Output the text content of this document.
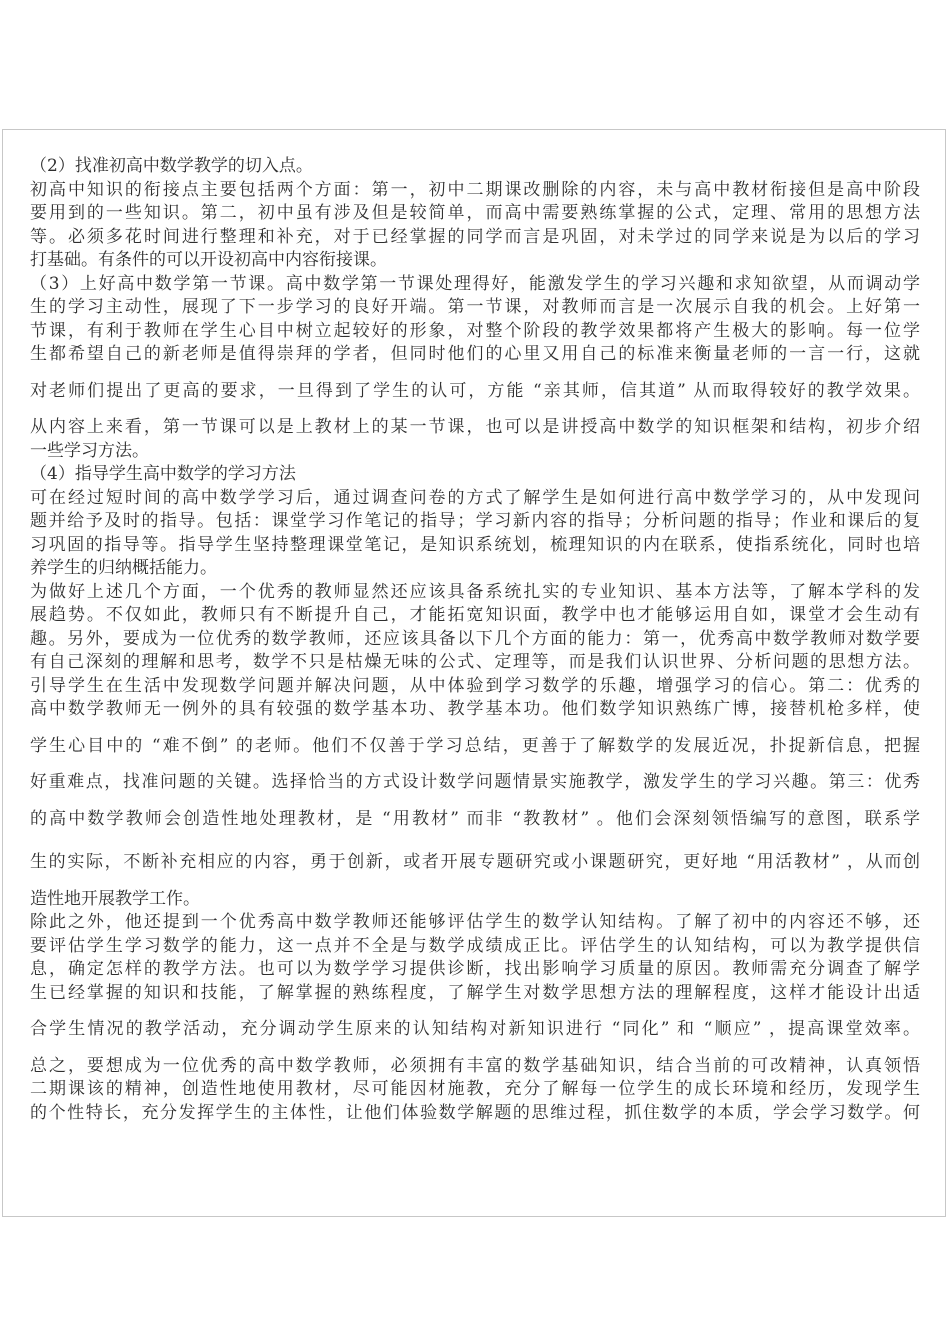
（2）找准初高中数学教学的切入点。
初高中知识的衔接点主要包括两个方面：第一，初中二期课改删除的内容，未与高中教材衔接但是高中阶段
要用到的一些知识。第二，初中虽有涉及但是较简单，而高中需要熟练掌握的公式，定理、常用的思想方法
等。必须多花时间进行整理和补充，对于已经掌握的同学而言是巩固，对未学过的同学来说是为以后的学习
打基础。有条件的可以开设初高中内容衔接课。
（3）上好高中数学第一节课。高中数学第一节课处理得好，能激发学生的学习兴趣和求知欲望，从而调动学
生的学习主动性，展现了下一步学习的良好开端。第一节课，对教师而言是一次展示自我的机会。上好第一
节课，有利于教师在学生心目中树立起较好的形象，对整个阶段的教学效果都将产生极大的影响。每一位学
生都希望自己的新老师是值得崇拜的学者，但同时他们的心里又用自己的标准来衡量老师的一言一行，这就
对老师们提出了更高的要求，一旦得到了学生的认可，方能 “亲其师，信其道” 从而取得较好的教学效果。
从内容上来看，第一节课可以是上教材上的某一节课，也可以是讲授高中数学的知识框架和结构，初步介绍
一些学习方法。
（4）指导学生高中数学的学习方法
可在经过短时间的高中数学学习后，通过调查问卷的方式了解学生是如何进行高中数学学习的，从中发现问
题并给予及时的指导。包括：课堂学习作笔记的指导；学习新内容的指导；分析问题的指导；作业和课后的复
习巩固的指导等。指导学生坚持整理课堂笔记，是知识系统划，梳理知识的内在联系，使指系统化，同时也培
养学生的归纳概括能力。
为做好上述几个方面，一个优秀的教师显然还应该具备系统扎实的专业知识、基本方法等，了解本学科的发
展趋势。不仅如此，教师只有不断提升自己，才能拓宽知识面，教学中也才能够运用自如，课堂才会生动有
趣。另外，要成为一位优秀的数学教师，还应该具备以下几个方面的能力：第一，优秀高中数学教师对数学要
有自己深刻的理解和思考，数学不只是枯燥无味的公式、定理等，而是我们认识世界、分析问题的思想方法。
引导学生在生活中发现数学问题并解决问题，从中体验到学习数学的乐趣，增强学习的信心。第二：优秀的
高中数学教师无一例外的具有较强的数学基本功、教学基本功。他们数学知识熟练广博，接替机枪多样，使
学生心目中的 “难不倒” 的老师。他们不仅善于学习总结，更善于了解数学的发展近况，扑捉新信息，把握
好重难点，找准问题的关键。选择恰当的方式设计数学问题情景实施教学，激发学生的学习兴趣。第三：优秀
的高中数学教师会创造性地处理教材，是 “用教材” 而非 “教教材” 。他们会深刻领悟编写的意图，联系学
生的实际，不断补充相应的内容，勇于创新，或者开展专题研究或小课题研究，更好地 “用活教材” ，从而创
造性地开展教学工作。
除此之外，他还提到一个优秀高中数学教师还能够评估学生的数学认知结构。了解了初中的内容还不够，还
要评估学生学习数学的能力，这一点并不全是与数学成绩成正比。评估学生的认知结构，可以为教学提供信
息，确定怎样的教学方法。也可以为数学学习提供诊断，找出影响学习质量的原因。教师需充分调查了解学
生已经掌握的知识和技能，了解掌握的熟练程度，了解学生对数学思想方法的理解程度，这样才能设计出适
合学生情况的教学活动，充分调动学生原来的认知结构对新知识进行 “同化” 和 “顺应” ，提高课堂效率。
总之，要想成为一位优秀的高中数学教师，必须拥有丰富的数学基础知识，结合当前的可改精神，认真领悟
二期课该的精神，创造性地使用教材，尽可能因材施教，充分了解每一位学生的成长环境和经历，发现学生
的个性特长，充分发挥学生的主体性，让他们体验数学解题的思维过程，抓住数学的本质，学会学习数学。何
